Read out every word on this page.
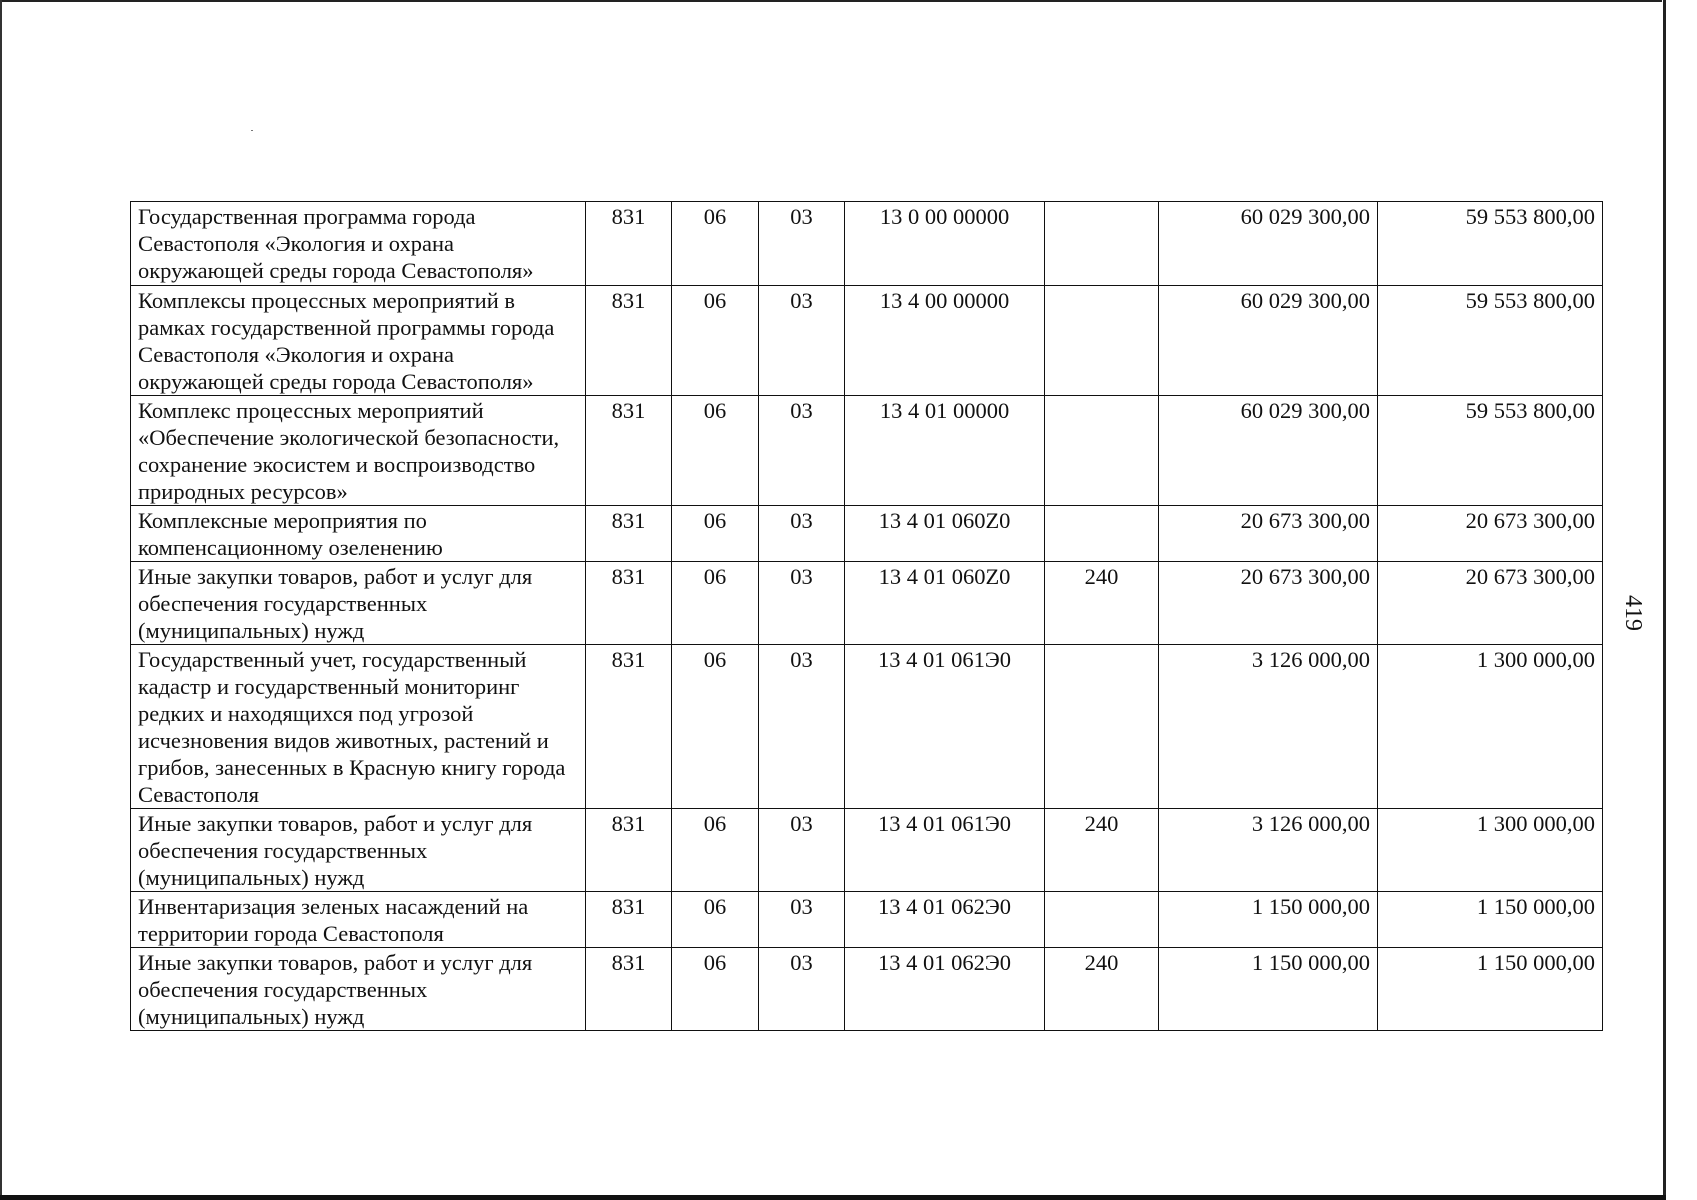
Государственная программа города Севастополя «Экология и охрана окружающей среды города Севастополя»	831	06	03	13 0 00 00000		60 029 300,00	59 553 800,00
Комплексы процессных мероприятий в рамках государственной программы города Севастополя «Экология и охрана окружающей среды города Севастополя»	831	06	03	13 4 00 00000		60 029 300,00	59 553 800,00
Комплекс процессных мероприятий «Обеспечение экологической безопасности, сохранение экосистем и воспроизводство природных ресурсов»	831	06	03	13 4 01 00000		60 029 300,00	59 553 800,00
Комплексные мероприятия по компенсационному озеленению	831	06	03	13 4 01 060Z0		20 673 300,00	20 673 300,00
Иные закупки товаров, работ и услуг для обеспечения государственных (муниципальных) нужд	831	06	03	13 4 01 060Z0	240	20 673 300,00	20 673 300,00
Государственный учет, государственный кадастр и государственный мониторинг редких и находящихся под угрозой исчезновения видов животных, растений и грибов, занесенных в Красную книгу города Севастополя	831	06	03	13 4 01 061Э0		3 126 000,00	1 300 000,00
Иные закупки товаров, работ и услуг для обеспечения государственных (муниципальных) нужд	831	06	03	13 4 01 061Э0	240	3 126 000,00	1 300 000,00
Инвентаризация зеленых насаждений на территории города Севастополя	831	06	03	13 4 01 062Э0		1 150 000,00	1 150 000,00
Иные закупки товаров, работ и услуг для обеспечения государственных (муниципальных) нужд	831	06	03	13 4 01 062Э0	240	1 150 000,00	1 150 000,00
419
